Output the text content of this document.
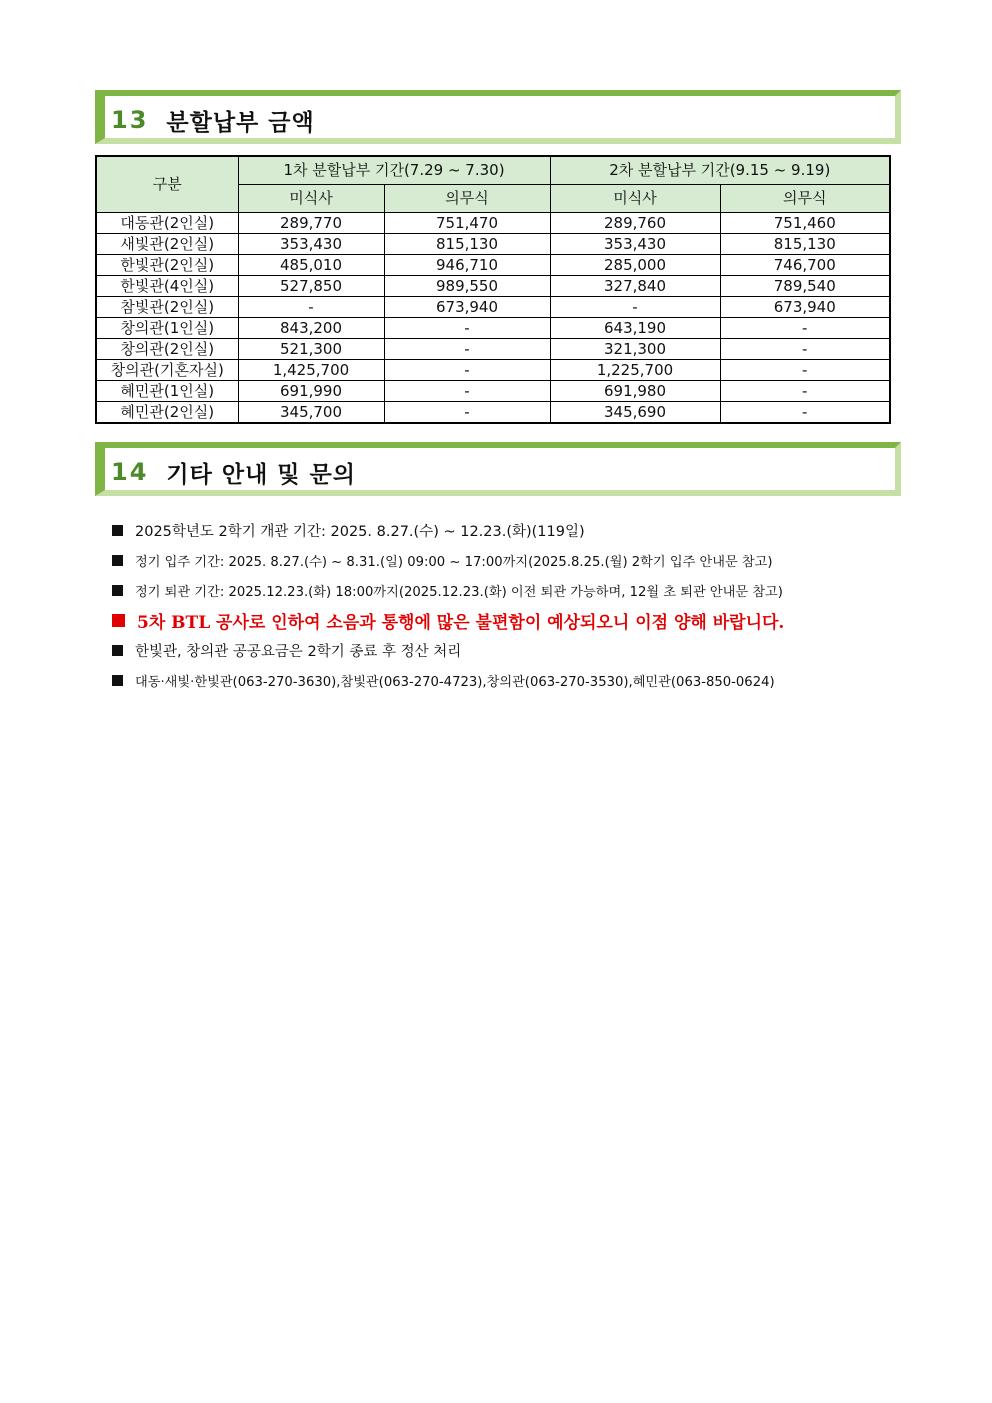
13 분할납부 금액
구분	1차 분할납부 기간(7.29 ~ 7.30)		2차 분할납부 기간(9.15 ~ 9.19)	
	미식사	의무식	미식사	의무식
대동관(2인실)	289,770	751,470	289,760	751,460
새빛관(2인실)	353,430	815,130	353,430	815,130
한빛관(2인실)	485,010	946,710	285,000	746,700
한빛관(4인실)	527,850	989,550	327,840	789,540
참빛관(2인실)	-	673,940	-	673,940
창의관(1인실)	843,200	-	643,190	-
창의관(2인실)	521,300	-	321,300	-
창의관(기혼자실)	1,425,700	-	1,225,700	-
혜민관(1인실)	691,990	-	691,980	-
혜민관(2인실)	345,700	-	345,690	-
14 기타 안내 및 문의
2025학년도 2학기 개관 기간: 2025. 8.27.(수) ~ 12.23.(화)(119일)
정기 입주 기간: 2025. 8.27.(수) ~ 8.31.(일) 09:00 ~ 17:00까지(2025.8.25.(월) 2학기 입주 안내문 참고)
정기 퇴관 기간: 2025.12.23.(화) 18:00까지(2025.12.23.(화) 이전 퇴관 가능하며, 12월 초 퇴관 안내문 참고)
5차 BTL 공사로 인하여 소음과 통행에 많은 불편함이 예상되오니 이점 양해 바랍니다.
한빛관, 창의관 공공요금은 2학기 종료 후 정산 처리
대동·새빛·한빛관(063-270-3630),참빛관(063-270-4723),창의관(063-270-3530),혜민관(063-850-0624)
